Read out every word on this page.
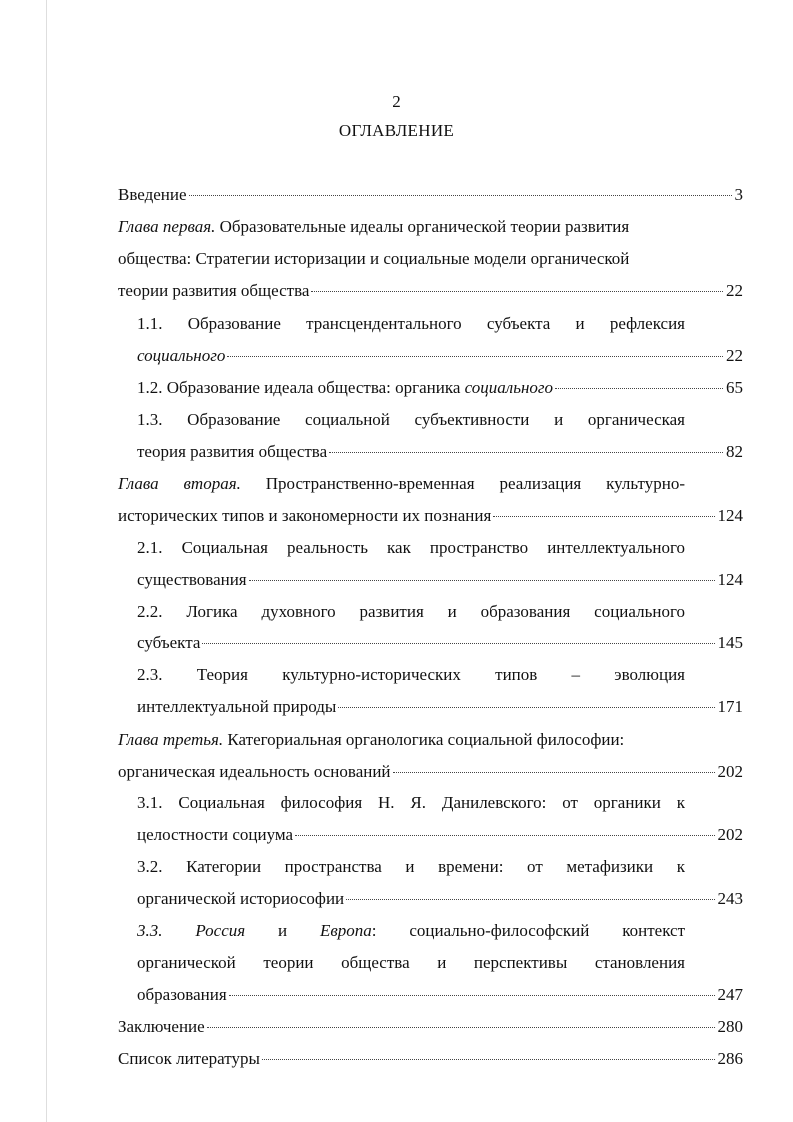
2
ОГЛАВЛЕНИЕ
Введение	3
Глава первая. Образовательные идеалы органической теории развития
общества: Стратегии историзации и социальные модели органической
теории развития общества	22
1.1. Образование трансцендентального субъекта и рефлексия
социального	22
1.2. Образование идеала общества: органика социального	65
1.3. Образование социальной субъективности и органическая
теория развития общества	82
Глава вторая. Пространственно-временная реализация культурно-
исторических типов и закономерности их познания	124
2.1. Социальная реальность как пространство интеллектуального
существования	124
2.2. Логика духовного развития и образования социального
субъекта	145
2.3. Теория культурно-исторических типов – эволюция
интеллектуальной природы	171
Глава третья. Категориальная органологика социальной философии:
органическая идеальность оснований	202
3.1. Социальная философия Н. Я. Данилевского: от органики к
целостности социума	202
3.2. Категории пространства и времени: от метафизики к
органической историософии	243
3.3. Россия и Европа: социально-философский контекст
органической теории общества и перспективы становления
образования	247
Заключение	280
Список литературы	286
